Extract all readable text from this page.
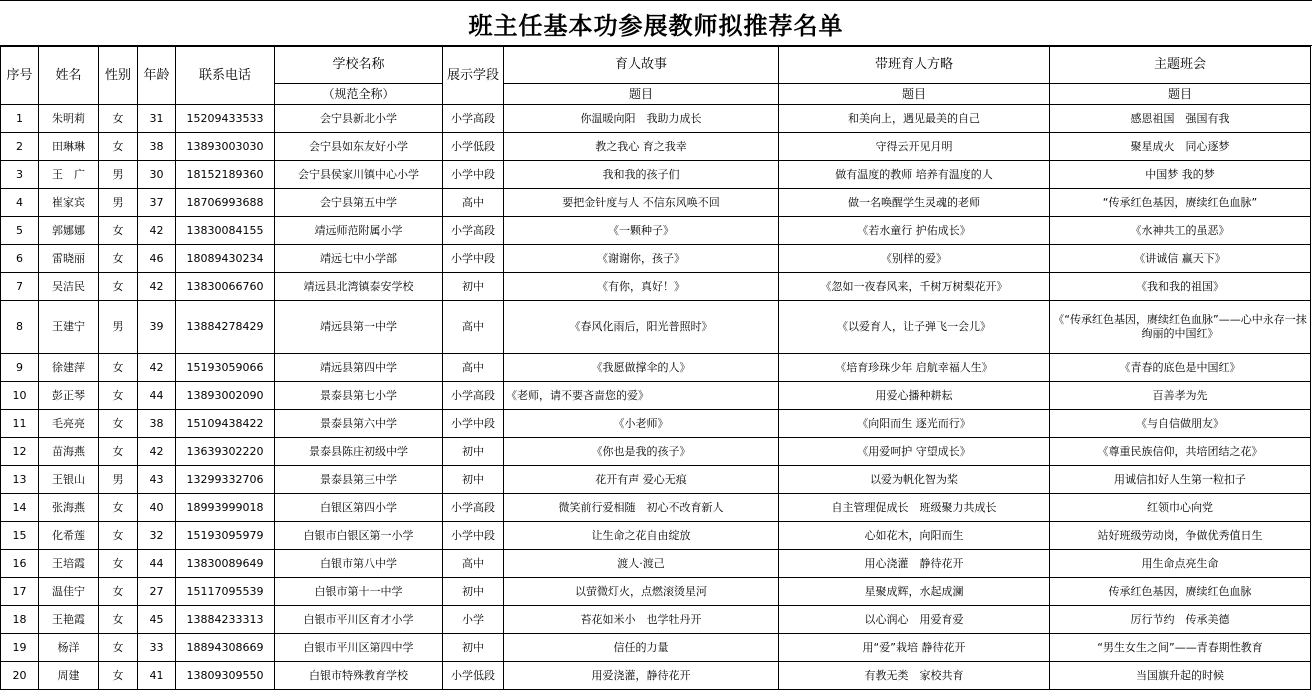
班主任基本功参展教师拟推荐名单
序号	姓名	性别	年龄	联系电话	学校名称	展示学段	育人故事	带班育人方略	主题班会
					（规范全称）		题目	题目	题目
1	朱明莉	女	31	15209433533	会宁县新北小学	小学高段	你温暖向阳　我助力成长	和美向上，遇见最美的自己	感恩祖国　强国有我
2	田琳琳	女	38	13893003030	会宁县如东友好小学	小学低段	教之我心 育之我幸	守得云开见月明	聚星成火　同心逐梦
3	王　广	男	30	18152189360	会宁县侯家川镇中心小学	小学中段	我和我的孩子们	做有温度的教师 培养有温度的人	中国梦 我的梦
4	崔家宾	男	37	18706993688	会宁县第五中学	高中	要把金针度与人 不信东风唤不回	做一名唤醒学生灵魂的老师	“传承红色基因，赓续红色血脉”
5	郭娜娜	女	42	13830084155	靖远师范附属小学	小学高段	《一颗种子》	《若水童行 护佑成长》	《水神共工的虽恶》
6	雷晓丽	女	46	18089430234	靖远七中小学部	小学中段	《谢谢你，孩子》	《别样的爱》	《讲诚信 赢天下》
7	吴洁民	女	42	13830066760	靖远县北湾镇泰安学校	初中	《有你，真好！》	《忽如一夜春风来，千树万树梨花开》	《我和我的祖国》
8	王建宁	男	39	13884278429	靖远县第一中学	高中	《春风化雨后，阳光普照时》	《以爱育人，让子弹飞一会儿》	《“传承红色基因，赓续红色血脉”——心中永存一抹绚丽的中国红》
9	徐建萍	女	42	15193059066	靖远县第四中学	高中	《我愿做撑伞的人》	《培育珍珠少年 启航幸福人生》	《青春的底色是中国红》
10	彭正琴	女	44	13893002090	景泰县第七小学	小学高段	《老师，请不要吝啬您的爱》	用爱心播种耕耘	百善孝为先
11	毛亮亮	女	38	15109438422	景泰县第六中学	小学中段	《小老师》	《向阳而生 逐光而行》	《与自信做朋友》
12	苗海燕	女	42	13639302220	景泰县陈庄初级中学	初中	《你也是我的孩子》	《用爱呵护 守望成长》	《尊重民族信仰，共培团结之花》
13	王银山	男	43	13299332706	景泰县第三中学	初中	花开有声 爱心无痕	以爱为帆化智为桨	用诚信扣好人生第一粒扣子
14	张海燕	女	40	18993999018	白银区第四小学	小学高段	微笑前行爱相随　初心不改育新人	自主管理促成长　班级聚力共成长	红领巾心向党
15	化希莲	女	32	15193095979	白银市白银区第一小学	小学中段	让生命之花自由绽放	心如花木，向阳而生	站好班级劳动岗，争做优秀值日生
16	王培霞	女	44	13830089649	白银市第八中学	高中	渡人·渡己	用心浇灌　静待花开	用生命点亮生命
17	温佳宁	女	27	15117095539	白银市第十一中学	初中	以萤微灯火，点燃滚烫星河	星聚成辉，水起成澜	传承红色基因，赓续红色血脉
18	王艳霞	女	45	13884233313	白银市平川区育才小学	小学	苔花如米小　也学牡丹开	以心润心　用爱育爱	厉行节约　传承美德
19	杨洋	女	33	18894308669	白银市平川区第四中学	初中	信任的力量	用“爱”栽培 静待花开	“男生女生之间”——青春期性教育
20	周建	女	41	13809309550	白银市特殊教育学校	小学低段	用爱浇灌，静待花开	有教无类　家校共育	当国旗升起的时候
